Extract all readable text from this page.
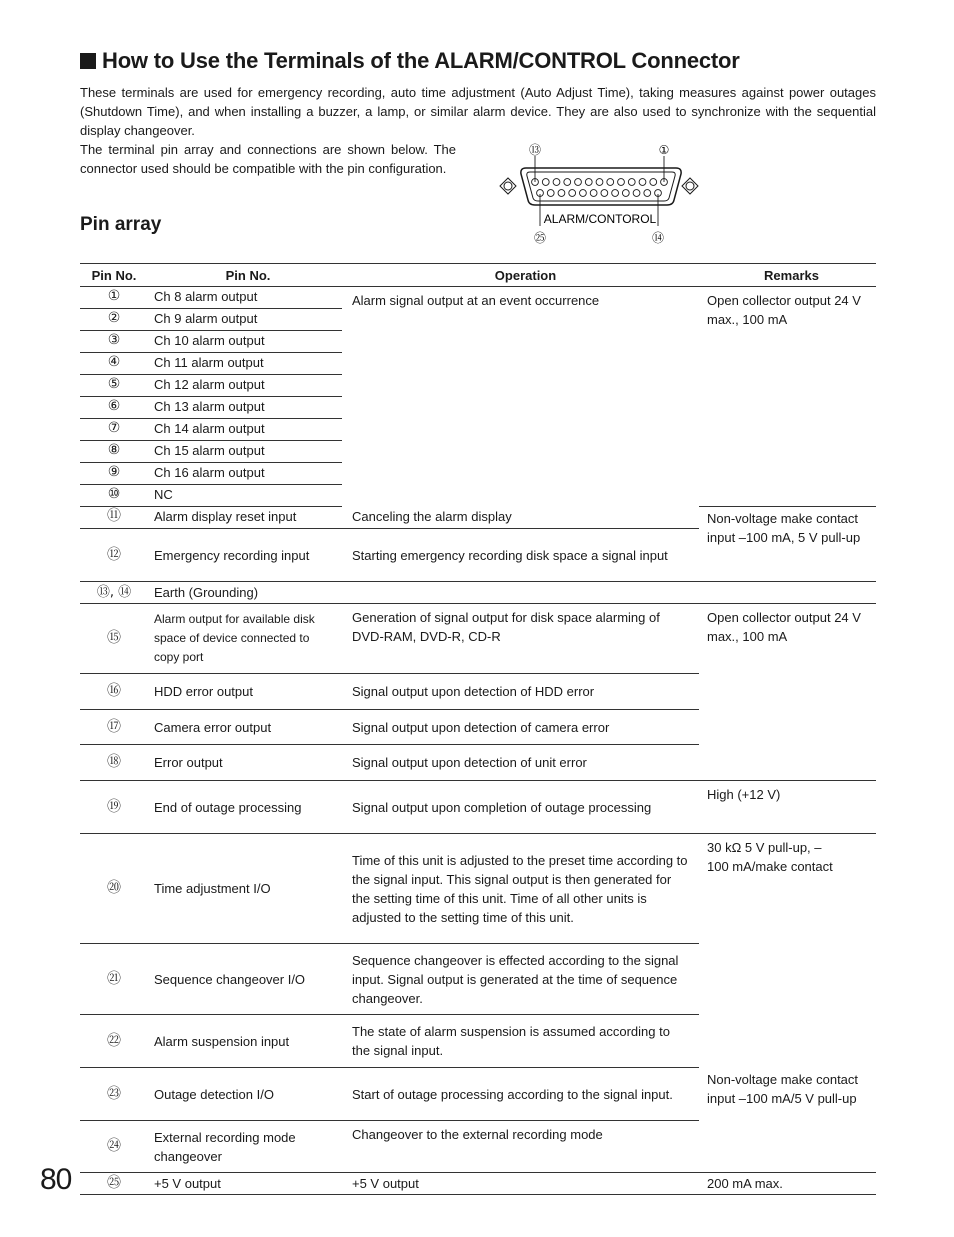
How to Use the Terminals of the ALARM/CONTROL Connector
These terminals are used for emergency recording, auto time adjustment (Auto Adjust Time), taking measures against power outages (Shutdown Time), and when installing a buzzer, a lamp, or similar alarm device. They are also used to synchronize with the sequential display changeover.
The terminal pin array and connections are shown below. The connector used should be compatible with the pin configuration.
Pin array
⑬	①
ALARM/CONTOROL
㉕	⑭
Pin No.	Pin No.	Operation	Remarks
①	Ch 8 alarm output	Alarm signal output at an event occurrence	Open collector output 24 V max., 100 mA
②	Ch 9 alarm output		
③	Ch 10 alarm output		
④	Ch 11 alarm output		
⑤	Ch 12 alarm output		
⑥	Ch 13 alarm output		
⑦	Ch 14 alarm output		
⑧	Ch 15 alarm output		
⑨	Ch 16 alarm output		
⑩	NC		
⑪	Alarm display reset input	Canceling the alarm display	Non-voltage make contact input –100 mA, 5 V pull-up
⑫	Emergency recording input	Starting emergency recording disk space a signal input	
⑬, ⑭	Earth (Grounding)		
⑮	Alarm output for available disk space of device connected to copy port	Generation of signal output for disk space alarming of DVD-RAM, DVD-R, CD-R	Open collector output 24 V max., 100 mA
⑯	HDD error output	Signal output upon detection of HDD error	
⑰	Camera error output	Signal output upon detection of camera error	
⑱	Error output	Signal output upon detection of unit error	
⑲	End of outage processing	Signal output upon completion of outage processing	High (+12 V)
⑳	Time adjustment I/O	Time of this unit is adjusted to the preset time according to the signal input. This signal output is then generated for the setting time of this unit. Time of all other units is adjusted to the setting time of this unit.	30 kΩ 5 V pull-up, –100 mA/make contact
㉑	Sequence changeover I/O	Sequence changeover is effected according to the signal input. Signal output is generated at the time of sequence changeover.	
㉒	Alarm suspension input	The state of alarm suspension is assumed according to the signal input.	
㉓	Outage detection I/O	Start of outage processing according to the signal input.	Non-voltage make contact input –100 mA/5 V pull-up
㉔	External recording mode changeover	Changeover to the external recording mode	
㉕	+5 V output	+5 V output	200 mA max.
80
